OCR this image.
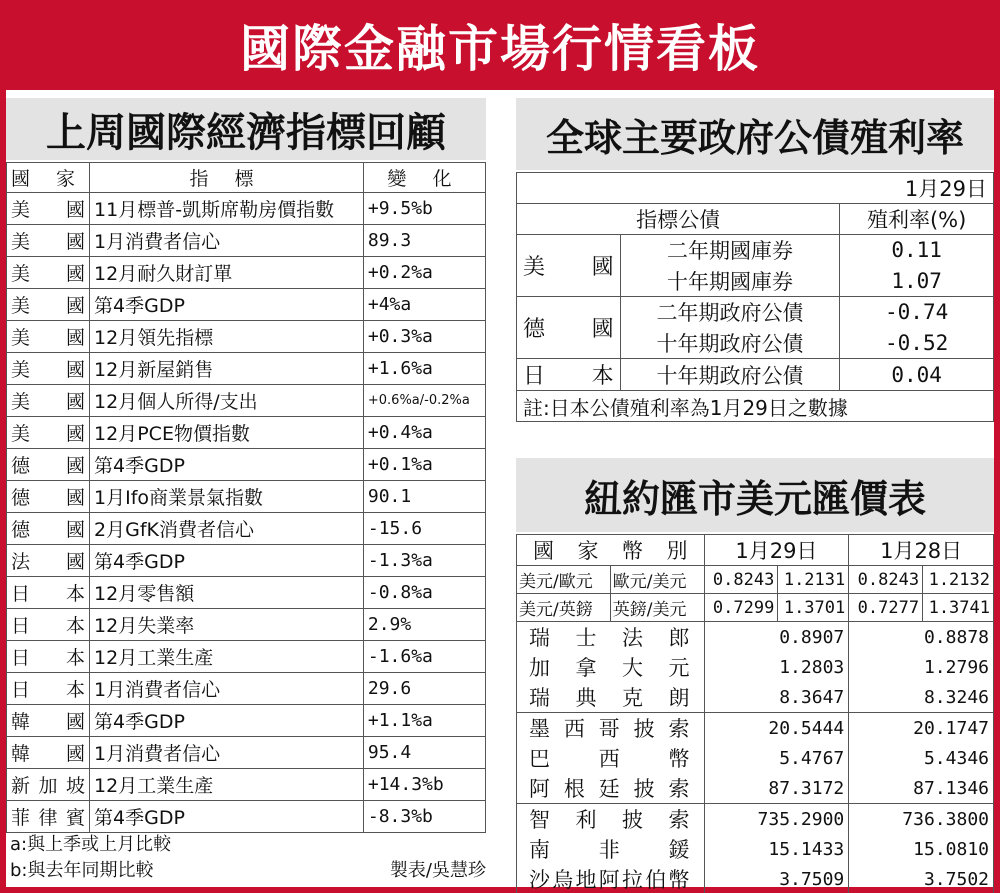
國際金融市場行情看板
上周國際經濟指標回顧
國 家	指 標	變 化
美國	11月標普-凱斯席勒房價指數	+9.5%b
美國	1月消費者信心	89.3
美國	12月耐久財訂單	+0.2%a
美國	第4季GDP	+4%a
美國	12月領先指標	+0.3%a
美國	12月新屋銷售	+1.6%a
美國	12月個人所得/支出	+0.6%a/-0.2%a
美國	12月PCE物價指數	+0.4%a
德國	第4季GDP	+0.1%a
德國	1月Ifo商業景氣指數	90.1
德國	2月GfK消費者信心	-15.6
法國	第4季GDP	-1.3%a
日本	12月零售額	-0.8%a
日本	12月失業率	2.9%
日本	12月工業生產	-1.6%a
日本	1月消費者信心	29.6
韓國	第4季GDP	+1.1%a
韓國	1月消費者信心	95.4
新加坡	12月工業生產	+14.3%b
菲律賓	第4季GDP	-8.3%b
a:與上季或上月比較
b:與去年同期比較	製表/吳慧珍
全球主要政府公債殖利率
1月29日		
指標公債		殖利率(%)
美國	二年期國庫券	0.11
	十年期國庫券	1.07
德國	二年期政府公債	-0.74
	十年期政府公債	-0.52
日本	十年期政府公債	0.04
註:日本公債殖利率為1月29日之數據		
紐約匯市美元匯價表
國家幣別		1月29日		1月28日	
美元/歐元	歐元/美元	0.8243	1.2131	0.8243	1.2132
美元/英鎊	英鎊/美元	0.7299	1.3701	0.7277	1.3741
瑞士法郎		0.8907		0.8878	
加拿大元		1.2803		1.2796	
瑞典克朗		8.3647		8.3246	
墨西哥披索		20.5444		20.1747	
巴西幣		5.4767		5.4346	
阿根廷披索		87.3172		87.1346	
智利披索		735.2900		736.3800	
南非鍰		15.1433		15.0810	
沙烏地阿拉伯幣		3.7509		3.7502	
